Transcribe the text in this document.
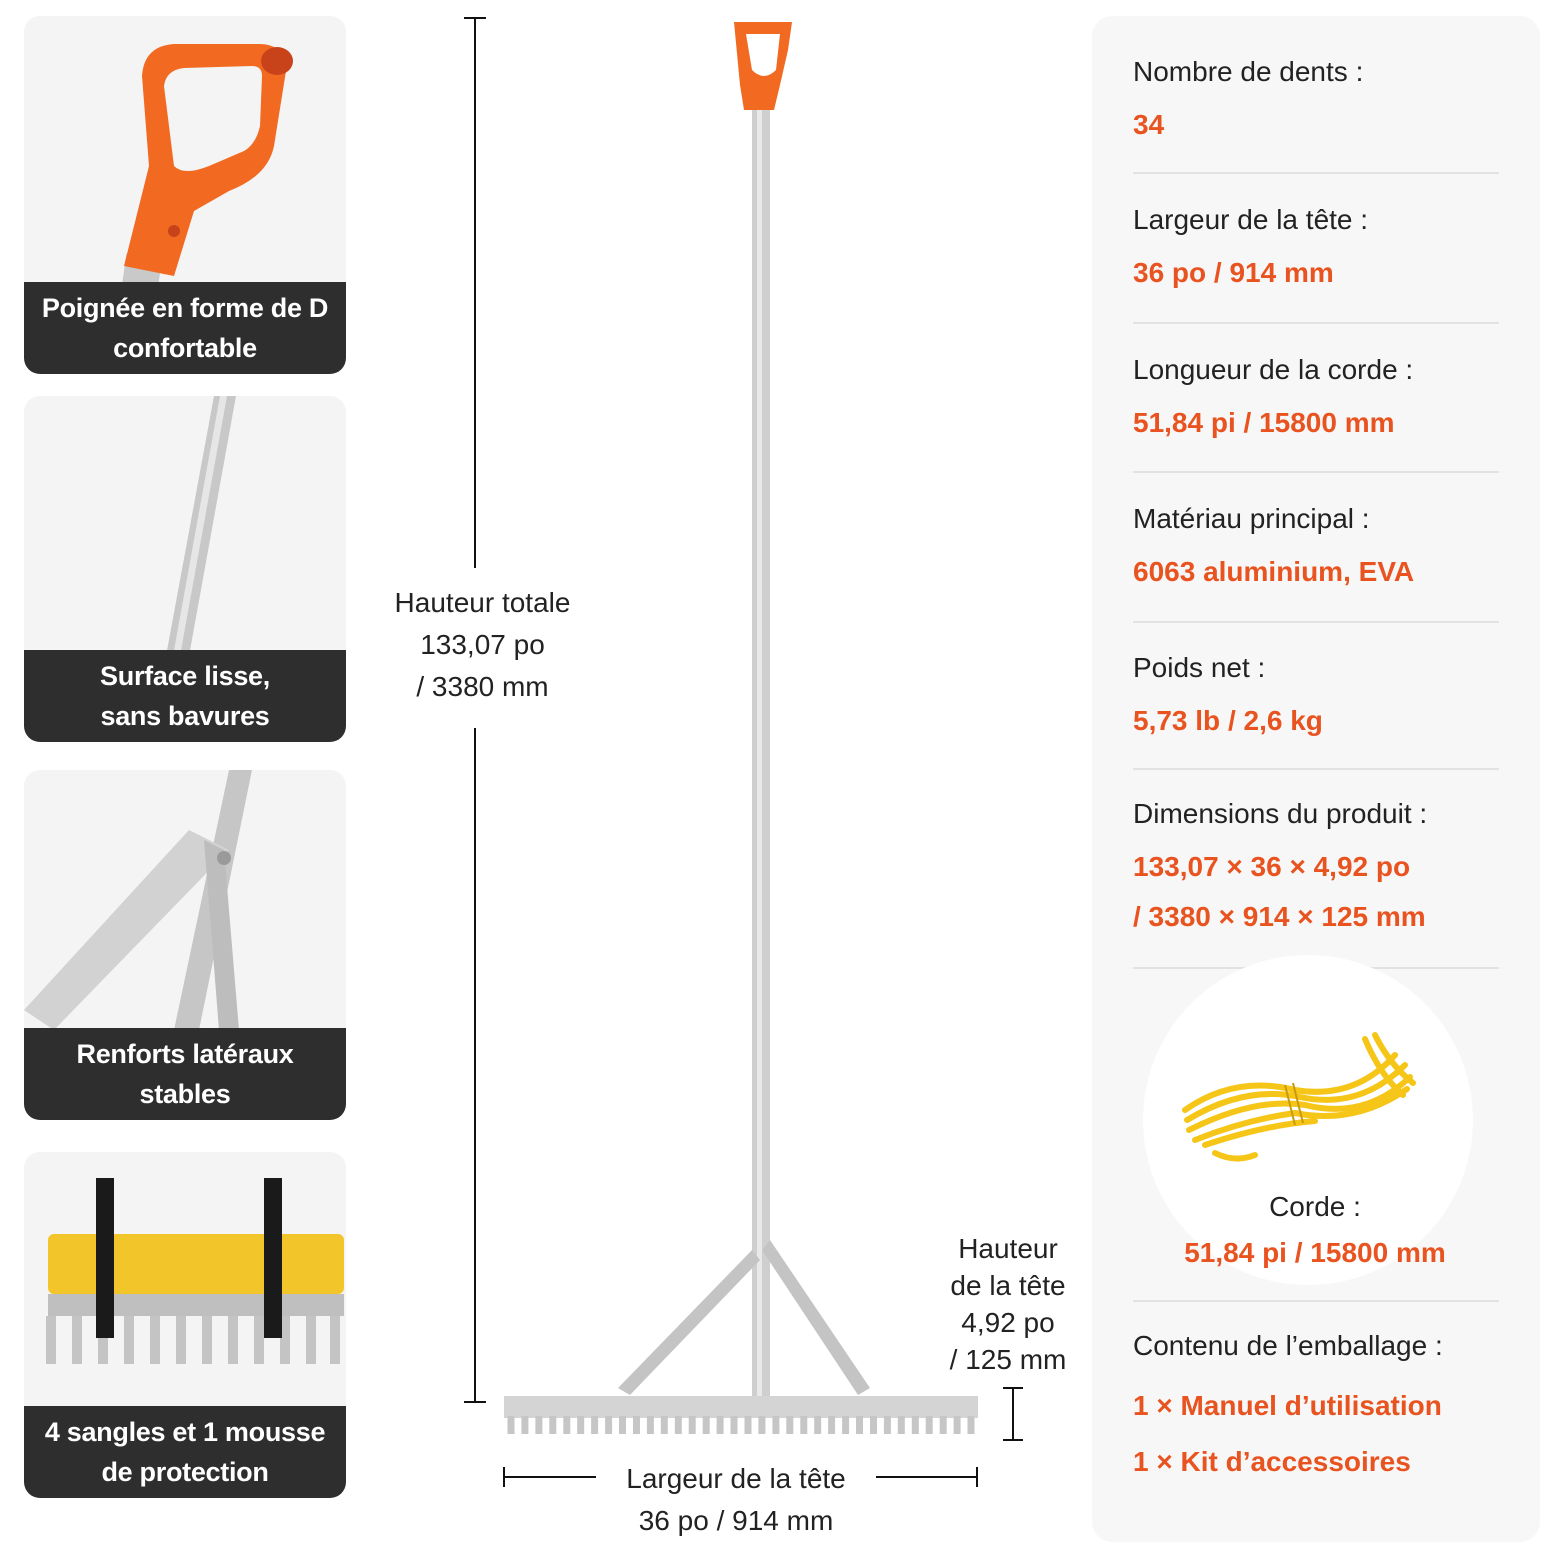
Poignée en forme de D
confortable
Surface lisse,
sans bavures
Renforts latéraux
stables
4 sangles et 1 mousse
de protection
Hauteur totale
133,07 po
/ 3380 mm
Hauteur
de la tête
4,92 po
/ 125 mm
Largeur de la tête
36 po / 914 mm
Nombre de dents :
34
Largeur de la tête :
36 po / 914 mm
Longueur de la corde :
51,84 pi / 15800 mm
Matériau principal :
6063 aluminium, EVA
Poids net :
5,73 lb / 2,6 kg
Dimensions du produit :
133,07 × 36 × 4,92 po
/ 3380 × 914 × 125 mm
Corde :
51,84 pi / 15800 mm
Contenu de l’emballage :
1 × Manuel d’utilisation
1 × Kit d’accessoires
